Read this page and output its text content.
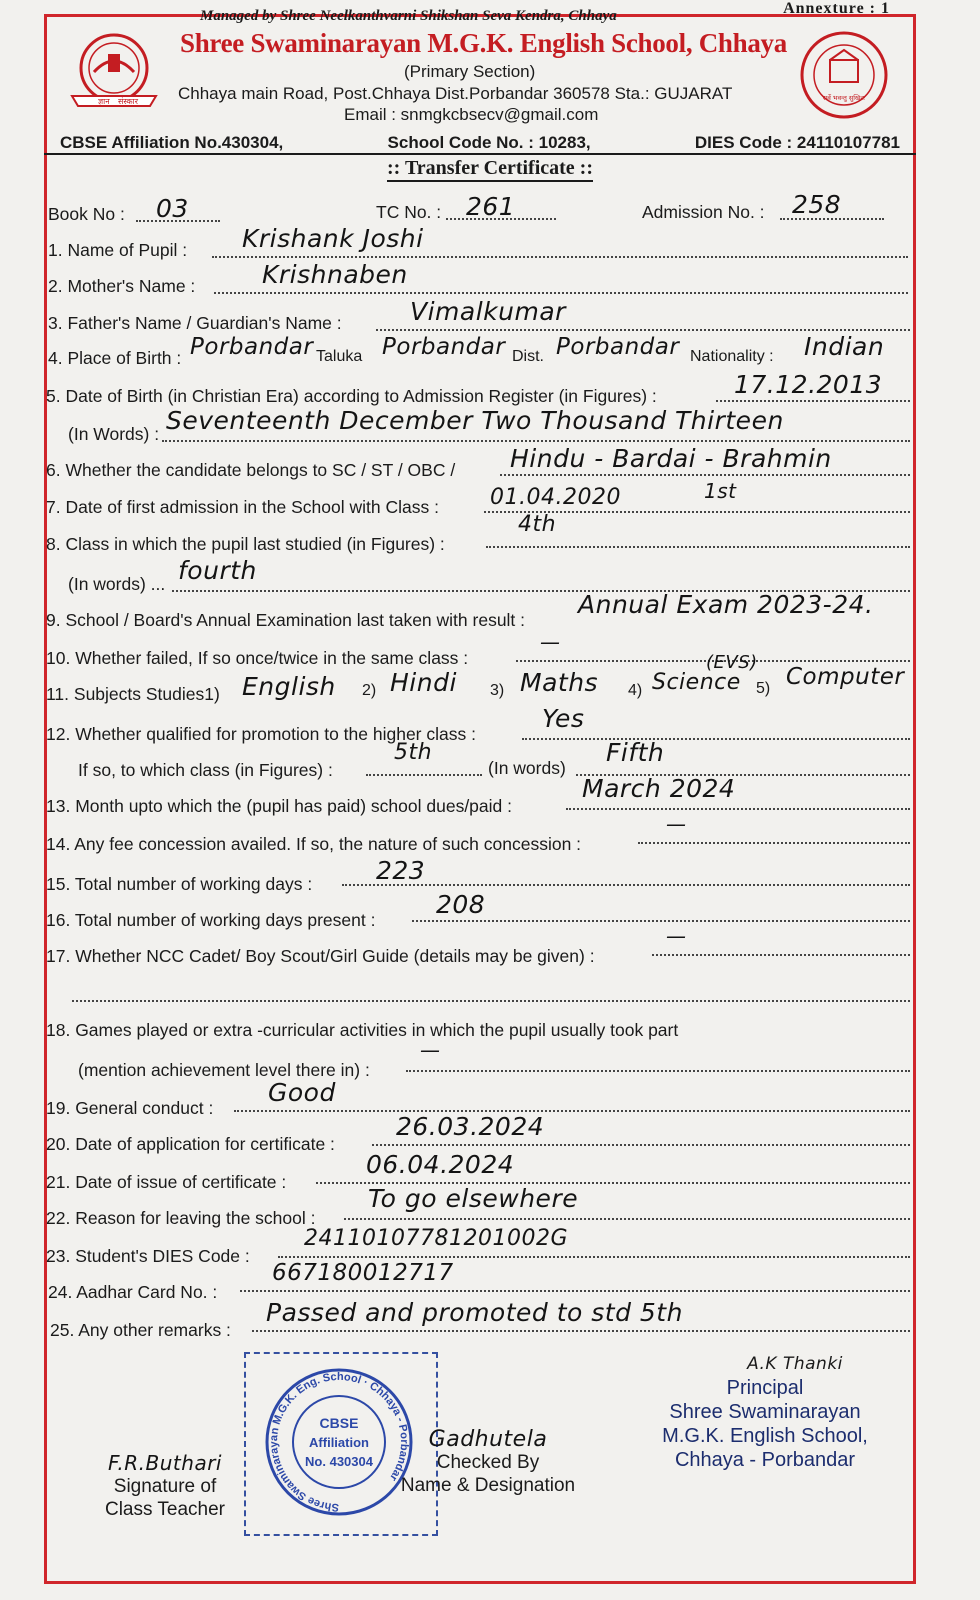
Annexture : 1
Managed by Shree Neelkanthvarni Shikshan Seva Kendra, Chhaya
ज्ञान संस्कार
Shree Swaminarayan M.G.K. English School, Chhaya
(Primary Section)
Chhaya main Road, Post.Chhaya Dist.Porbandar 360578 Sta.: GUJARAT
Email : snmgkcbsecv@gmail.com
सर्वे भवन्तु सुखिनः
CBSE Affiliation No.430304,	School Code No. : 10283,	DIES Code : 24110107781
:: Transfer Certificate ::
Book No : 03	TC No. : 261	Admission No. : 258
1. Name of Pupil : Krishank Joshi
2. Mother's Name :	Krishnaben
3. Father's Name / Guardian's Name :	Vimalkumar
4. Place of Birth : Porbandar Taluka Porbandar Dist. Porbandar Nationality : Indian
5. Date of Birth (in Christian Era) according to Admission Register (in Figures) :	17.12.2013
(In Words) : Seventeenth December Two Thousand Thirteen
6. Whether the candidate belongs to SC / ST / OBC / Hindu - Bardai - Brahmin
7. Date of first admission in the School with Class : 01.04.2020	1st
8. Class in which the pupil last studied (in Figures) :
4th
(In words) ... fourth
9. School / Board's Annual Examination last taken with result :
Annual Exam 2023-24.
10. Whether failed, If so once/twice in the same class :
—
11. Subjects Studies1) English 2) Hindi 3) Maths 4) Science
(EVS)
5) Computer
12. Whether qualified for promotion to the higher class :
Yes
If so, to which class (in Figures) :
5th
(In words)
Fifth
13. Month upto which the (pupil has paid) school dues/paid :
March 2024
14. Any fee concession availed. If so, the nature of such concession :
—
15. Total number of working days :	223
16. Total number of working days present :
208
17. Whether NCC Cadet/ Boy Scout/Girl Guide (details may be given) :
—
18. Games played or extra -curricular activities in which the pupil usually took part
(mention achievement level there in) :
—
19. General conduct :
Good
20. Date of application for certificate :
26.03.2024
21. Date of issue of certificate :
06.04.2024
22. Reason for leaving the school :
To go elsewhere
23. Student's DIES Code :
24110107781201002G
24. Aadhar Card No. :
667180012717
25. Any other remarks :
Passed and promoted to std 5th
F.R.Buthari
Signature of
Class Teacher	Shree Swaminarayan M.G.K. Eng. School · Chhaya - Porbandar
CBSE
Affiliation
No. 430304
Gadhutela
Checked By
Name & Designation
A.K Thanki
Principal
Shree Swaminarayan
M.G.K. English School,
Chhaya - Porbandar
